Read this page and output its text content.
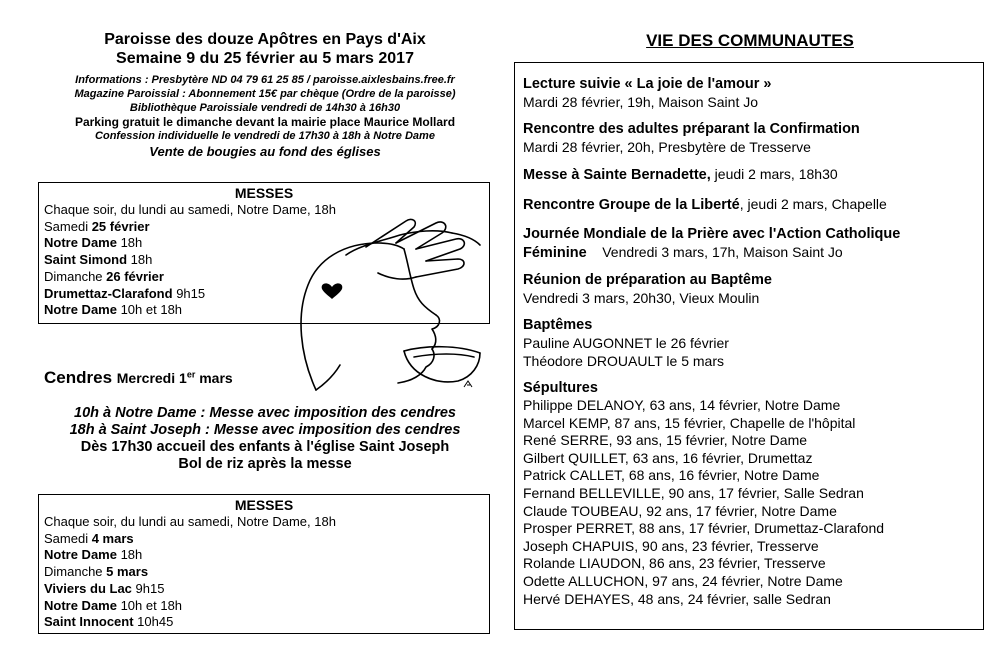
Paroisse des douze Apôtres en Pays d'Aix
Semaine 9 du 25 février au 5 mars 2017
Informations : Presbytère ND 04 79 61 25 85 / paroisse.aixlesbains.free.fr
Magazine Paroissial : Abonnement 15€ par chèque (Ordre de la paroisse)
Bibliothèque Paroissiale vendredi de 14h30 à 16h30
Parking gratuit le dimanche devant la mairie place Maurice Mollard
Confession individuelle le vendredi de 17h30 à 18h à Notre Dame
Vente de bougies au fond des églises
MESSES
Chaque soir, du lundi au samedi, Notre Dame, 18h
Samedi 25 février
Notre Dame 18h
Saint Simond 18h
Dimanche 26 février
Drumettaz-Clarafond 9h15
Notre Dame 10h et 18h
Cendres Mercredi 1er mars
10h à Notre Dame : Messe avec imposition des cendres
18h à Saint Joseph : Messe avec imposition des cendres
Dès 17h30 accueil des enfants à l'église Saint Joseph
Bol de riz après la messe
MESSES
Chaque soir, du lundi au samedi, Notre Dame, 18h
Samedi 4 mars
Notre Dame 18h
Dimanche 5 mars
Viviers du Lac 9h15
Notre Dame 10h et 18h
Saint Innocent 10h45
VIE DES COMMUNAUTES
Lecture suivie « La joie de l'amour »
Mardi 28 février, 19h, Maison Saint Jo
Rencontre des adultes préparant la Confirmation
Mardi 28 février, 20h, Presbytère de Tresserve
Messe à Sainte Bernadette, jeudi 2 mars, 18h30
Rencontre Groupe de la Liberté, jeudi 2 mars, Chapelle
Journée Mondiale de la Prière avec l'Action Catholique
Féminine    Vendredi 3 mars, 17h, Maison Saint Jo
Réunion de préparation au Baptême
Vendredi 3 mars, 20h30, Vieux Moulin
Baptêmes
Pauline AUGONNET le 26 février
Théodore DROUAULT le 5 mars
Sépultures
Philippe DELANOY, 63 ans, 14 février, Notre Dame
Marcel KEMP, 87 ans, 15 février, Chapelle de l'hôpital
René SERRE, 93 ans, 15 février, Notre Dame
Gilbert QUILLET, 63 ans, 16 février, Drumettaz
Patrick CALLET, 68 ans, 16 février, Notre Dame
Fernand BELLEVILLE, 90 ans, 17 février, Salle Sedran
Claude TOUBEAU, 92 ans, 17 février, Notre Dame
Prosper PERRET, 88 ans, 17 février, Drumettaz-Clarafond
Joseph CHAPUIS, 90 ans, 23 février, Tresserve
Rolande LIAUDON, 86 ans, 23 février, Tresserve
Odette ALLUCHON, 97 ans, 24 février, Notre Dame
Hervé DEHAYES, 48 ans, 24 février, salle Sedran
